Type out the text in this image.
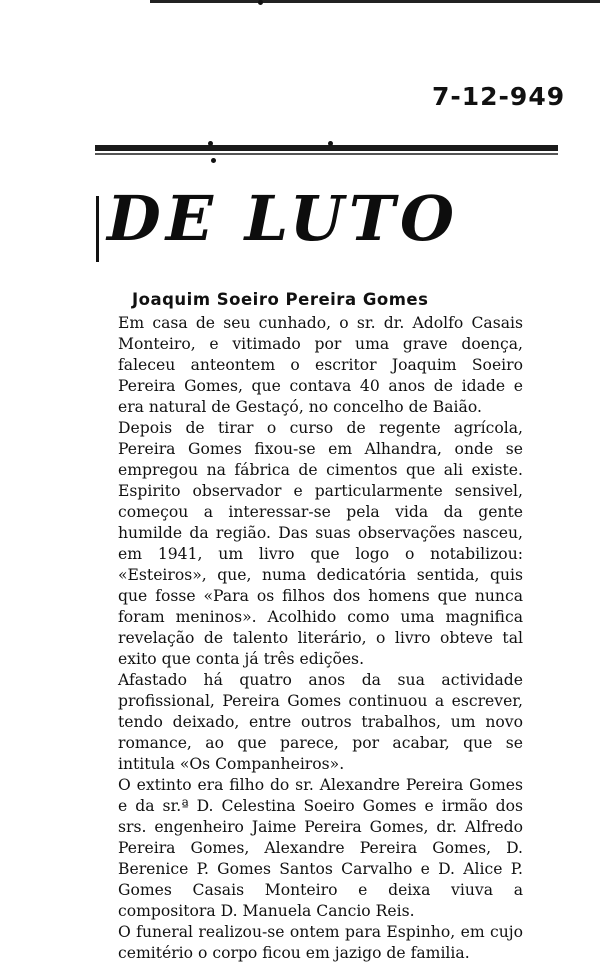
7-12-949
DE LUTO
Joaquim Soeiro Pereira Gomes

Em casa de seu cunhado, o sr. dr. Adolfo Casais Monteiro, e vitimado por uma grave doença, faleceu anteontem o escritor Joaquim Soeiro Pereira Gomes, que contava 40 anos de idade e era natural de Gestaçó, no concelho de Baião.

Depois de tirar o curso de regente agrícola, Pereira Gomes fixou-se em Alhandra, onde se empregou na fábrica de cimentos que ali existe. Espirito observador e particularmente sensivel, começou a interessar-se pela vida da gente humilde da região. Das suas observações nasceu, em 1941, um livro que logo o notabilizou: «Esteiros», que, numa dedicatória sentida, quis que fosse «Para os filhos dos homens que nunca foram meninos». Acolhido como uma magnifica revelação de talento literário, o livro obteve tal exito que conta já três edições.

Afastado há quatro anos da sua actividade profissional, Pereira Gomes continuou a escrever, tendo deixado, entre outros trabalhos, um novo romance, ao que parece, por acabar, que se intitula «Os Companheiros».

O extinto era filho do sr. Alexandre Pereira Gomes e da sr.ª D. Celestina Soeiro Gomes e irmão dos srs. engenheiro Jaime Pereira Gomes, dr. Alfredo Pereira Gomes, Alexandre Pereira Gomes, D. Berenice P. Gomes Santos Carvalho e D. Alice P. Gomes Casais Monteiro e deixa viuva a compositora D. Manuela Cancio Reis.

O funeral realizou-se ontem para Espinho, em cujo cemitério o corpo ficou em jazigo de familia.
